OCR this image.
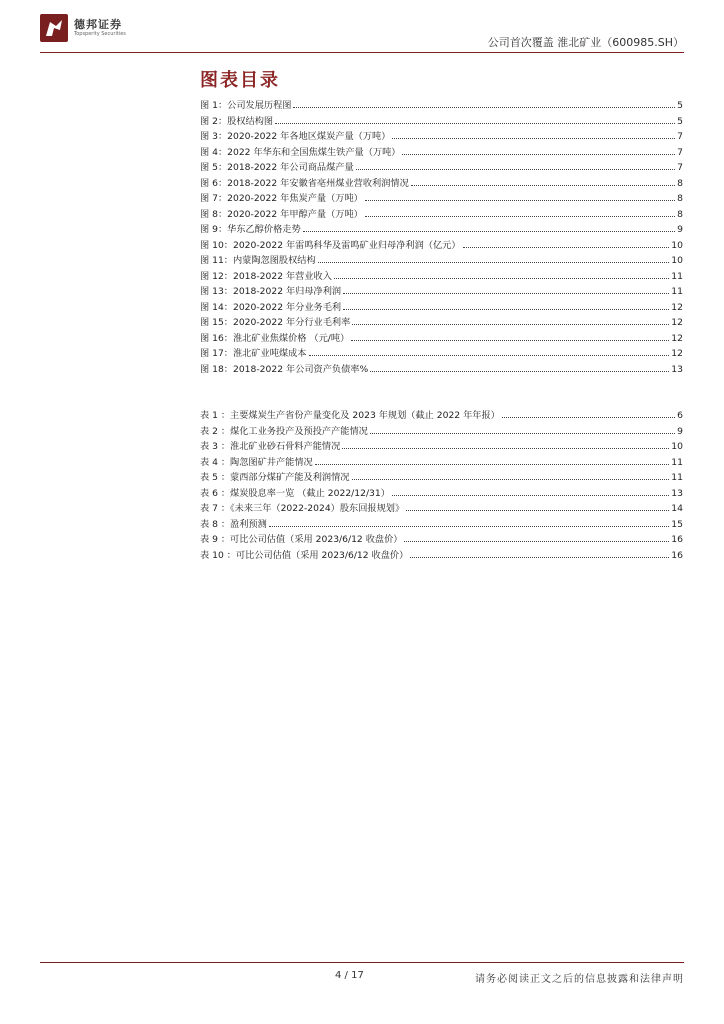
德邦证券
Topsperity Securities
公司首次覆盖 淮北矿业（600985.SH）
图表目录
图 1：公司发展历程图	5
图 2：股权结构图	5
图 3：2020-2022 年各地区煤炭产量（万吨）	7
图 4：2022 年华东和全国焦煤生铁产量（万吨）	7
图 5：2018-2022 年公司商品煤产量	7
图 6：2018-2022 年安徽省亳州煤业营收利润情况	8
图 7：2020-2022 年焦炭产量（万吨）	8
图 8：2020-2022 年甲醇产量（万吨）	8
图 9：华东乙醇价格走势	9
图 10：2020-2022 年雷鸣科华及雷鸣矿业归母净利润（亿元）	10
图 11：内蒙陶忽图股权结构	10
图 12：2018-2022 年营业收入	11
图 13：2018-2022 年归母净利润	11
图 14：2020-2022 年分业务毛利	12
图 15：2020-2022 年分行业毛利率	12
图 16：淮北矿业焦煤价格 （元/吨）	12
图 17：淮北矿业吨煤成本	12
图 18：2018-2022 年公司资产负债率%	13
表 1 ：主要煤炭生产省份产量变化及 2023 年规划（截止 2022 年年报）	6
表 2 ：煤化工业务投产及预投产产能情况	9
表 3 ：淮北矿业砂石骨料产能情况	10
表 4 ：陶忽图矿井产能情况	11
表 5 ：蒙西部分煤矿产能及利润情况	11
表 6 ：煤炭股息率一览 （截止 2022/12/31）	13
表 7 ：《未来三年（2022-2024）股东回报规划》	14
表 8 ：盈利预测	15
表 9 ：可比公司估值（采用 2023/6/12 收盘价）	16
表 10 ：可比公司估值（采用 2023/6/12 收盘价）	16
4 / 17	请务必阅读正文之后的信息披露和法律声明
